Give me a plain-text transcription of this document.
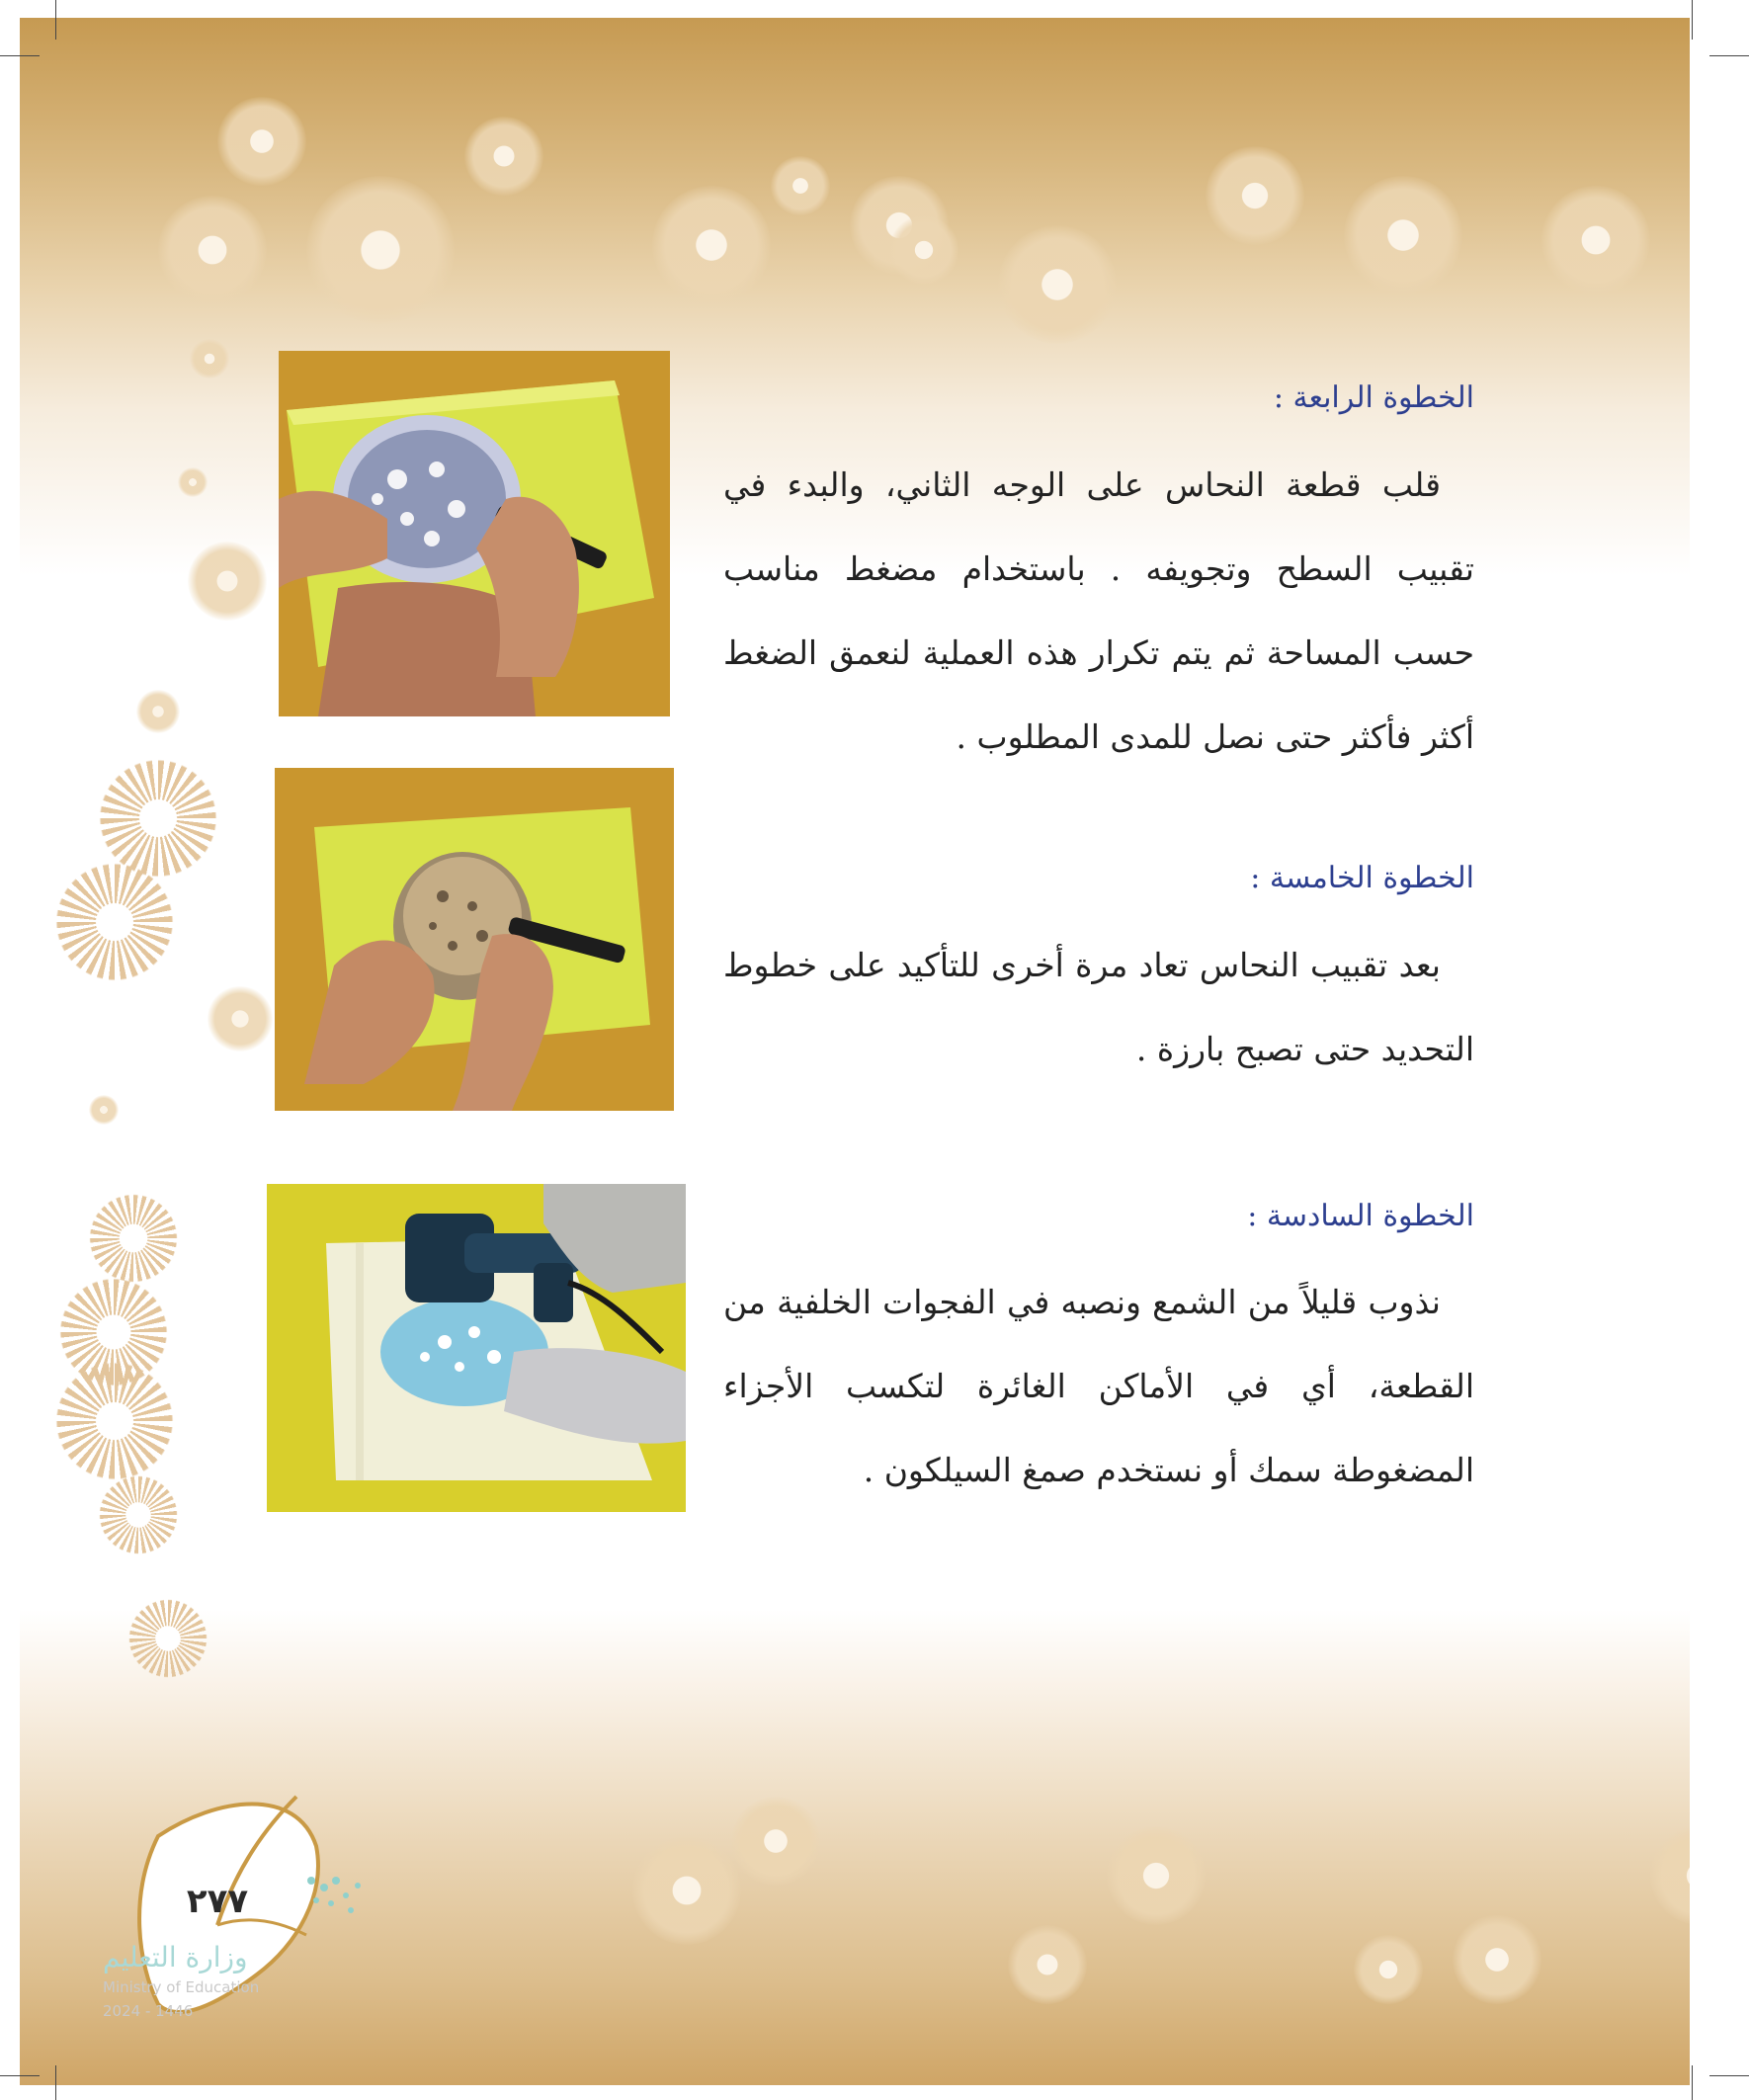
الخطوة الرابعة :

قلب قطعة النحاس على الوجه الثاني، والبدء في تقبيب السطح وتجويفه . باستخدام مضغط مناسب حسب المساحة ثم يتم تكرار هذه العملية لنعمق الضغط أكثر فأكثر حتى نصل للمدى المطلوب .

الخطوة الخامسة :

بعد تقبيب النحاس تعاد مرة أخرى للتأكيد على خطوط التحديد حتى تصبح بارزة .

الخطوة السادسة :

نذوب قليلاً من الشمع ونصبه في الفجوات الخلفية من القطعة، أي في الأماكن الغائرة لتكسب الأجزاء المضغوطة سمك أو نستخدم صمغ السيلكون .

٢٧٧
وزارة التعليم
Ministry of Education
2024 - 1446
